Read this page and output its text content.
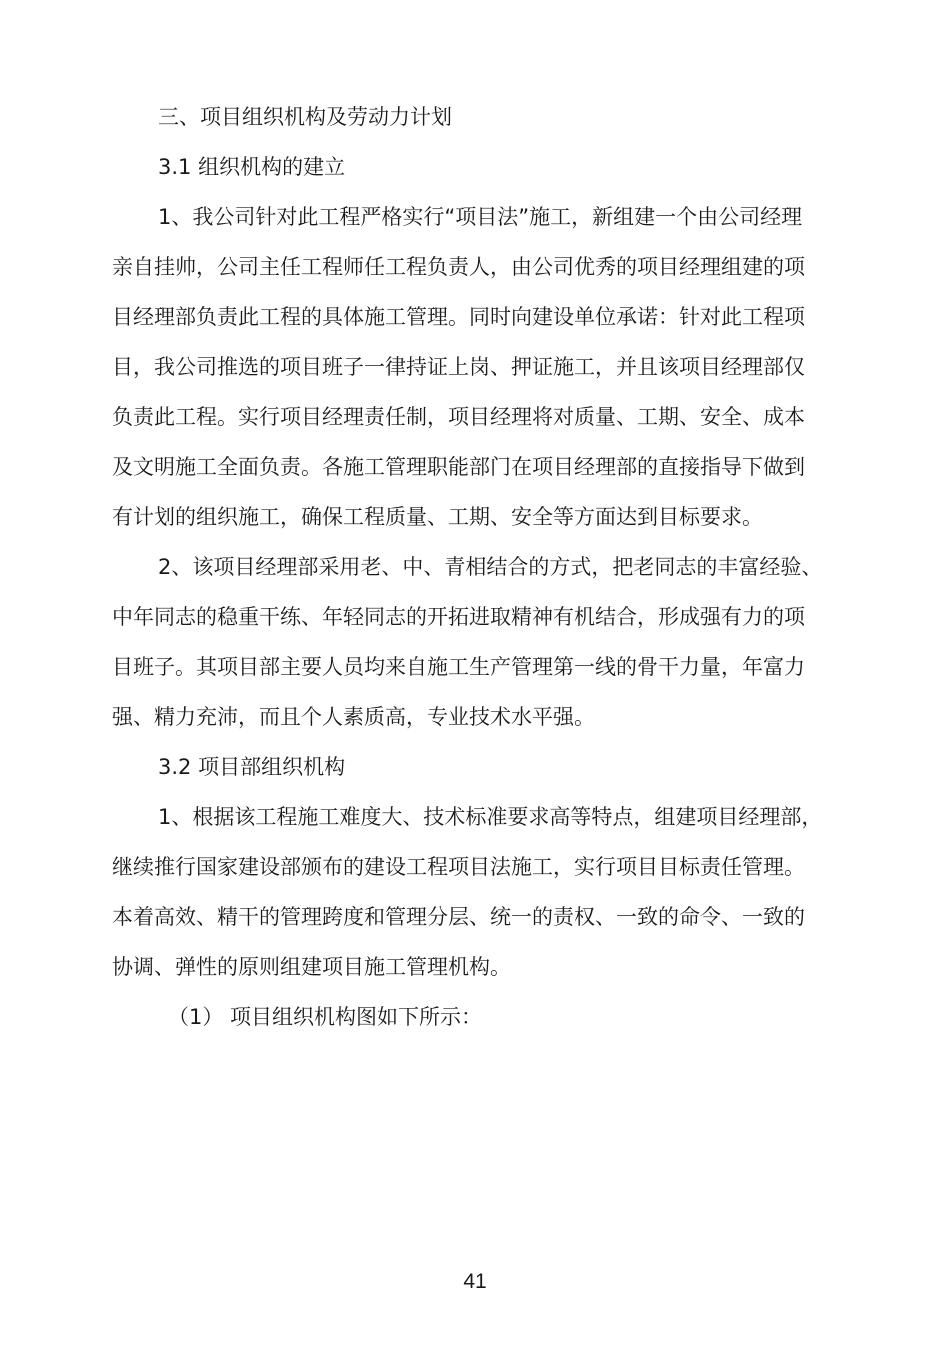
三、项目组织机构及劳动力计划
3.1 组织机构的建立
1、我公司针对此工程严格实行“项目法”施工，新组建一个由公司经理
亲自挂帅，公司主任工程师任工程负责人，由公司优秀的项目经理组建的项
目经理部负责此工程的具体施工管理。同时向建设单位承诺：针对此工程项
目，我公司推选的项目班子一律持证上岗、押证施工，并且该项目经理部仅
负责此工程。实行项目经理责任制，项目经理将对质量、工期、安全、成本
及文明施工全面负责。各施工管理职能部门在项目经理部的直接指导下做到
有计划的组织施工，确保工程质量、工期、安全等方面达到目标要求。
2、该项目经理部采用老、中、青相结合的方式，把老同志的丰富经验、
中年同志的稳重干练、年轻同志的开拓进取精神有机结合，形成强有力的项
目班子。其项目部主要人员均来自施工生产管理第一线的骨干力量，年富力
强、精力充沛，而且个人素质高，专业技术水平强。
3.2 项目部组织机构
1、根据该工程施工难度大、技术标准要求高等特点，组建项目经理部，
继续推行国家建设部颁布的建设工程项目法施工，实行项目目标责任管理。
本着高效、精干的管理跨度和管理分层、统一的责权、一致的命令、一致的
协调、弹性的原则组建项目施工管理机构。
（1） 项目组织机构图如下所示：
41
